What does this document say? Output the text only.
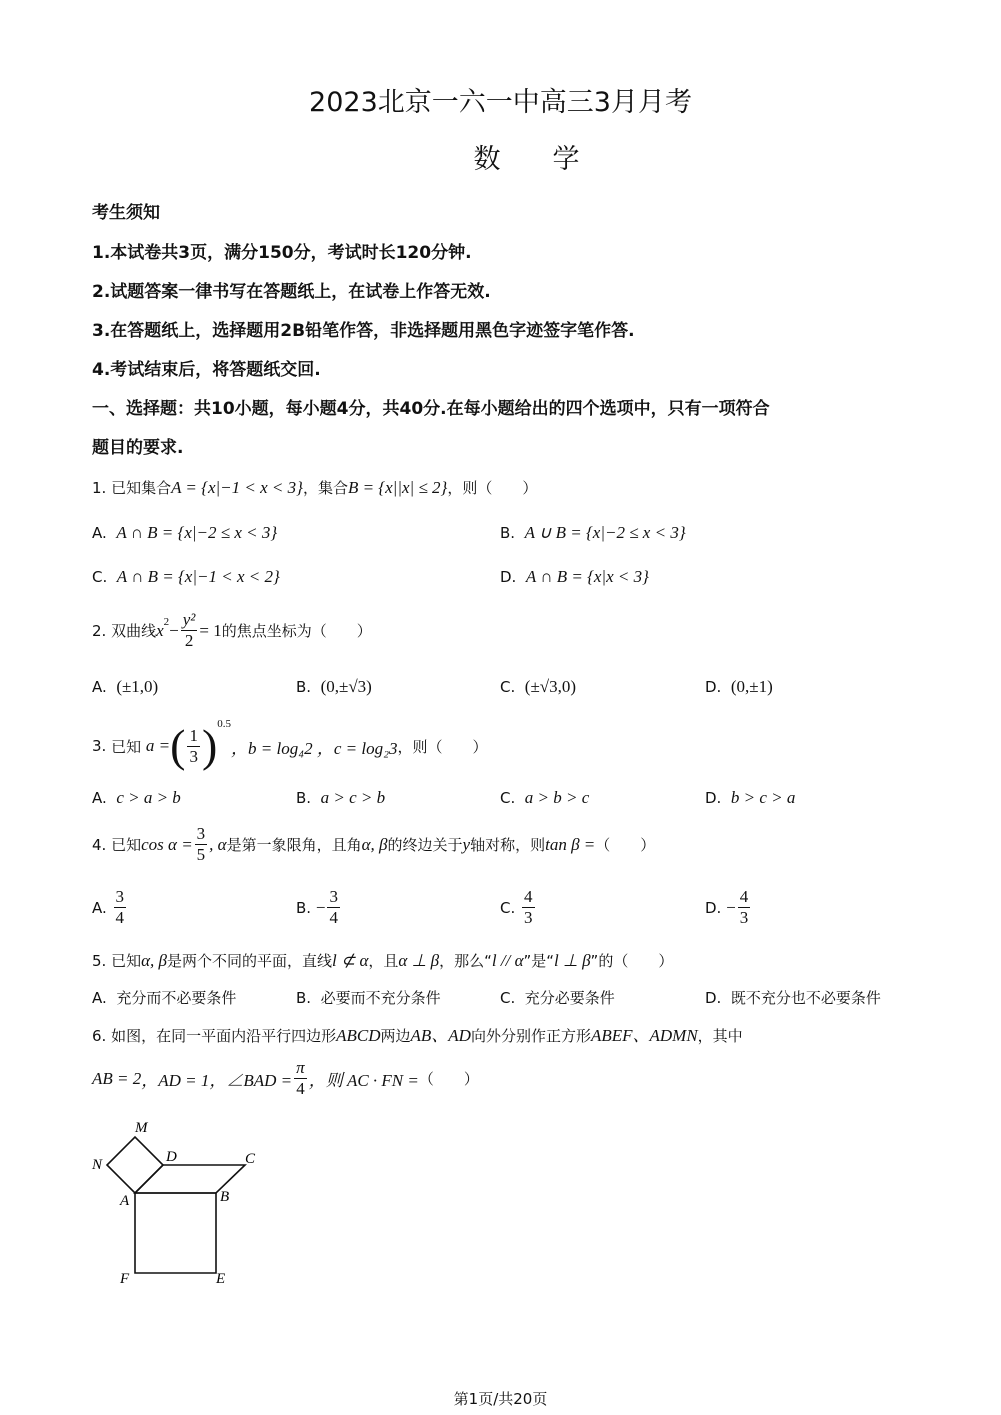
2023北京一六一中高三3月月考
数学
考生须知
1.本试卷共3页，满分150分，考试时长120分钟.
2.试题答案一律书写在答题纸上，在试卷上作答无效.
3.在答题纸上，选择题用2B铅笔作答，非选择题用黑色字迹签字笔作答.
4.考试结束后，将答题纸交回.
一、选择题：共10小题，每小题4分，共40分.在每小题给出的四个选项中，只有一项符合
题目的要求.
1. 已知集合A = {x|−1 < x < 3}，集合B = {x||x| ≤ 2}，则（　　）
A. A ∩ B = {x|−2 ≤ x < 3}	B. A ∪ B = {x|−2 ≤ x < 3}
C. A ∩ B = {x|−1 < x < 2}	D. A ∩ B = {x|x < 3}
2.
双曲线 x $2 - \frac{\text{y²}}{2} = 1$ 的焦点坐标为（　　）
A. (±1,0)	B. (0,±√3)	C. (±√3,0)	D. (0,±1)
3.
已知
a = ( $\frac{1}{3}$ ) 0.5
，b = log₄2 ，c = log₂3 ，则（　　）
A. c > a > b	B. a > c > b	C. a > b > c	D. b > c > a
4.
已知 $\cos \alpha = \frac{3}{5}$ , α 是第一象限角，且角 α, β 的终边关于 y 轴对称，则 tan β = （　　）
A.
$\frac{3}{4}$	B.
− $\frac{3}{4}$	C.
$\frac{4}{3}$	D.
− $\frac{4}{3}$
5. 已知α, β是两个不同的平面，直线l ⊄ α，且α ⊥ β，那么“l // α”是“l ⊥ β”的（　　）
A. 充分而不必要条件	B. 必要而不充分条件	C. 充分必要条件	D. 既不充分也不必要条件
6. 如图，在同一平面内沿平行四边形ABCD两边AB、AD向外分别作正方形ABEF、ADMN，其中
AB = 2 ，AD = 1 ，∠BAD = $\frac{\pi}{4}$ ，则 AC · FN = （　　）
M
N	D	C
A	B
F	E
第1页/共20页
